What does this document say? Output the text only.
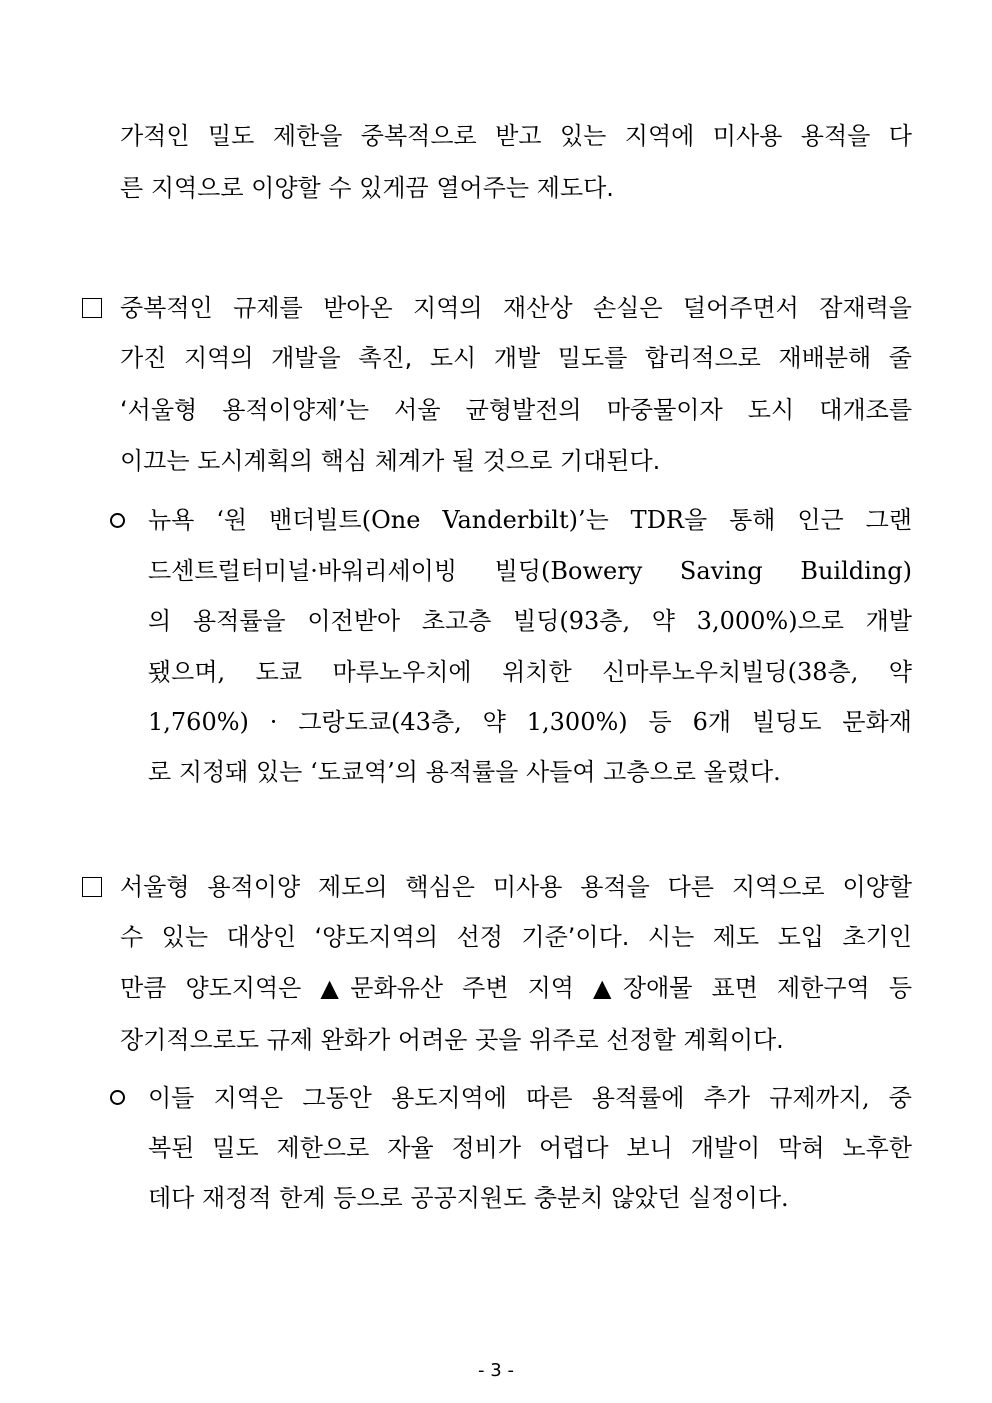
가적인 밀도 제한을 중복적으로 받고 있는 지역에 미사용 용적을 다
른 지역으로 이양할 수 있게끔 열어주는 제도다.
중복적인 규제를 받아온 지역의 재산상 손실은 덜어주면서 잠재력을
가진 지역의 개발을 촉진, 도시 개발 밀도를 합리적으로 재배분해 줄
‘서울형 용적이양제’는 서울 균형발전의 마중물이자 도시 대개조를
이끄는 도시계획의 핵심 체계가 될 것으로 기대된다.
뉴욕 ‘원 밴더빌트(One Vanderbilt)’는 TDR을 통해 인근 그랜
드센트럴터미널·바워리세이빙 빌딩(Bowery Saving Building)
의 용적률을 이전받아 초고층 빌딩(93층, 약 3,000%)으로 개발
됐으며, 도쿄 마루노우치에 위치한 신마루노우치빌딩(38층, 약
1,760%) · 그랑도쿄(43층, 약 1,300%) 등 6개 빌딩도 문화재
로 지정돼 있는 ‘도쿄역’의 용적률을 사들여 고층으로 올렸다.
서울형 용적이양 제도의 핵심은 미사용 용적을 다른 지역으로 이양할
수 있는 대상인 ‘양도지역의 선정 기준’이다. 시는 제도 도입 초기인
만큼 양도지역은 ▲문화유산 주변 지역 ▲장애물 표면 제한구역 등
장기적으로도 규제 완화가 어려운 곳을 위주로 선정할 계획이다.
이들 지역은 그동안 용도지역에 따른 용적률에 추가 규제까지, 중
복된 밀도 제한으로 자율 정비가 어렵다 보니 개발이 막혀 노후한
데다 재정적 한계 등으로 공공지원도 충분치 않았던 실정이다.
- 3 -
